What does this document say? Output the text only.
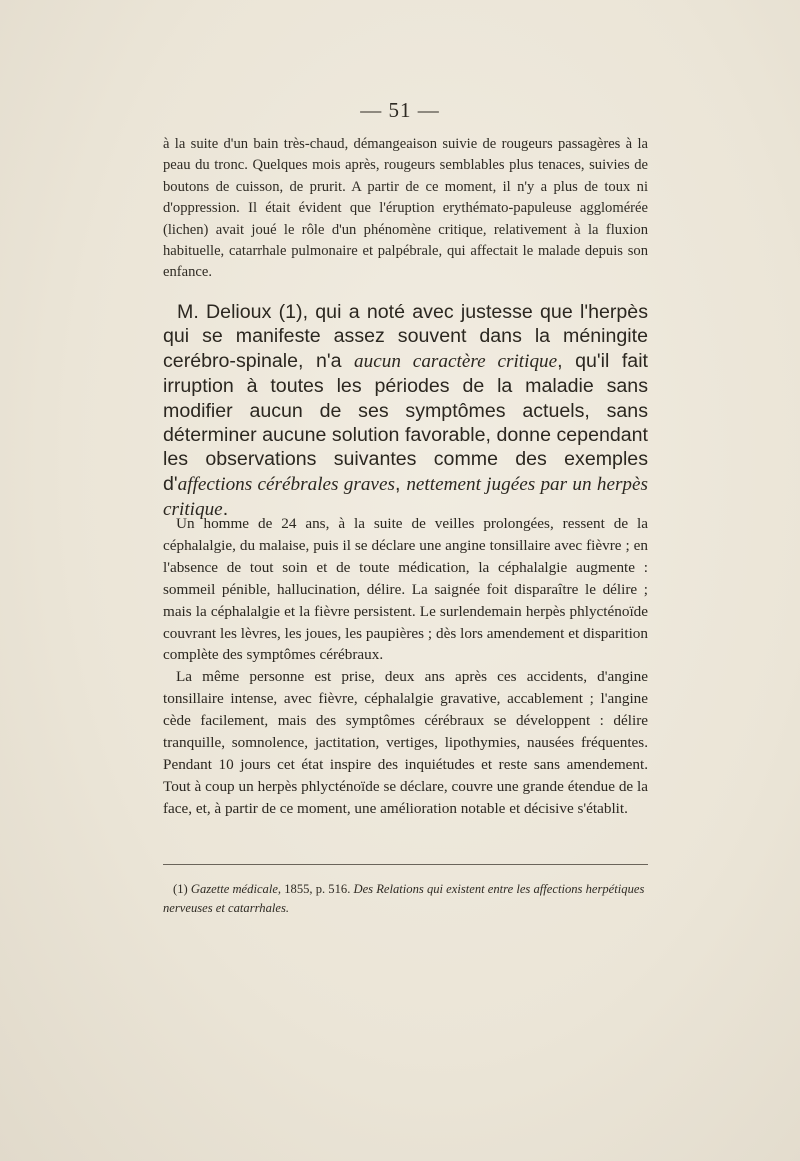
— 51 —

à la suite d'un bain très-chaud, démangeaison suivie de rougeurs passagères à la peau du tronc. Quelques mois après, rougeurs semblables plus tenaces, suivies de boutons de cuisson, de prurit. A partir de ce moment, il n'y a plus de toux ni d'oppression. Il était évident que l'éruption erythémato-papuleuse agglomérée (lichen) avait joué le rôle d'un phénomène critique, relativement à la fluxion habituelle, catarrhale pulmonaire et palpébrale, qui affectait le malade depuis son enfance.

M. Delioux (1), qui a noté avec justesse que l'herpès qui se manifeste assez souvent dans la méningite cerébro-spinale, n'a aucun caractère critique, qu'il fait irruption à toutes les périodes de la maladie sans modifier aucun de ses symptômes actuels, sans déterminer aucune solution favorable, donne cependant les observations suivantes comme des exemples d'affections cérébrales graves, nettement jugées par un herpès critique.

Un homme de 24 ans, à la suite de veilles prolongées, ressent de la céphalalgie, du malaise, puis il se déclare une angine tonsillaire avec fièvre ; en l'absence de tout soin et de toute médication, la céphalalgie augmente : sommeil pénible, hallucination, délire. La saignée foit disparaître le délire ; mais la céphalalgie et la fièvre persistent. Le surlendemain herpès phlycténoïde couvrant les lèvres, les joues, les paupières ; dès lors amendement et disparition complète des symptômes cérébraux.

La même personne est prise, deux ans après ces accidents, d'angine tonsillaire intense, avec fièvre, céphalalgie gravative, accablement ; l'angine cède facilement, mais des symptômes cérébraux se développent : délire tranquille, somnolence, jactitation, vertiges, lipothymies, nausées fréquentes. Pendant 10 jours cet état inspire des inquiétudes et reste sans amendement. Tout à coup un herpès phlycténoïde se déclare, couvre une grande étendue de la face, et, à partir de ce moment, une amélioration notable et décisive s'établit.

(1) Gazette médicale, 1855, p. 516. Des Relations qui existent entre les affections herpétiques nerveuses et catarrhales.
